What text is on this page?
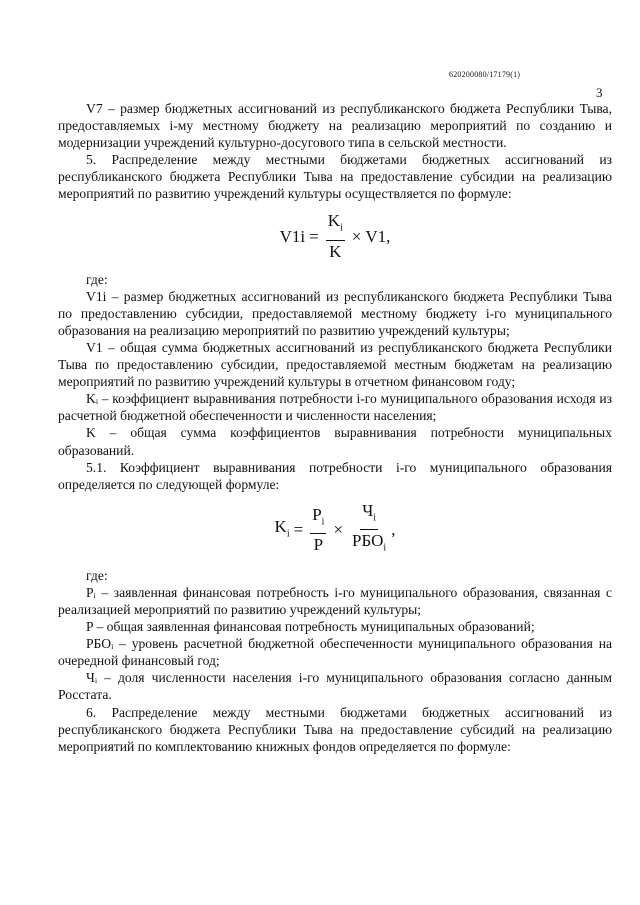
620200080/17179(1)
3

V7 – размер бюджетных ассигнований из республиканского бюджета Республики Тыва, предоставляемых i-му местному бюджету на реализацию мероприятий по созданию и модернизации учреждений культурно-досугового типа в сельской местности.

5. Распределение между местными бюджетами бюджетных ассигнований из республиканского бюджета Республики Тыва на предоставление субсидии на реализацию мероприятий по развитию учреждений культуры осуществляется по формуле:

$V1i = \frac{K_i}{K} \times V1$ ,

где:

V1i – размер бюджетных ассигнований из республиканского бюджета Республики Тыва по предоставлению субсидии, предоставляемой местному бюджету i-го муниципального образования на реализацию мероприятий по развитию учреждений культуры;

V1 – общая сумма бюджетных ассигнований из республиканского бюджета Республики Тыва по предоставлению субсидии, предоставляемой местным бюджетам на реализацию мероприятий по развитию учреждений культуры в отчетном финансовом году;

Kᵢ – коэффициент выравнивания потребности i-го муниципального образования исходя из расчетной бюджетной обеспеченности и численности населения;

K – общая сумма коэффициентов выравнивания потребности муниципальных образований.

5.1. Коэффициент выравнивания потребности i-го муниципального образования определяется по следующей формуле:

$K_i = \frac{P_i}{P} \times \frac{Ч_i}{РБО_i}$ ,

где:

Pᵢ – заявленная финансовая потребность i-го муниципального образования, связанная с реализацией мероприятий по развитию учреждений культуры;

P – общая заявленная финансовая потребность муниципальных образований;

РБОᵢ – уровень расчетной бюджетной обеспеченности муниципального образования на очередной финансовый год;

Чᵢ – доля численности населения i-го муниципального образования согласно данным Росстата.

6. Распределение между местными бюджетами бюджетных ассигнований из республиканского бюджета Республики Тыва на предоставление субсидий на реализацию мероприятий по комплектованию книжных фондов определяется по формуле:
